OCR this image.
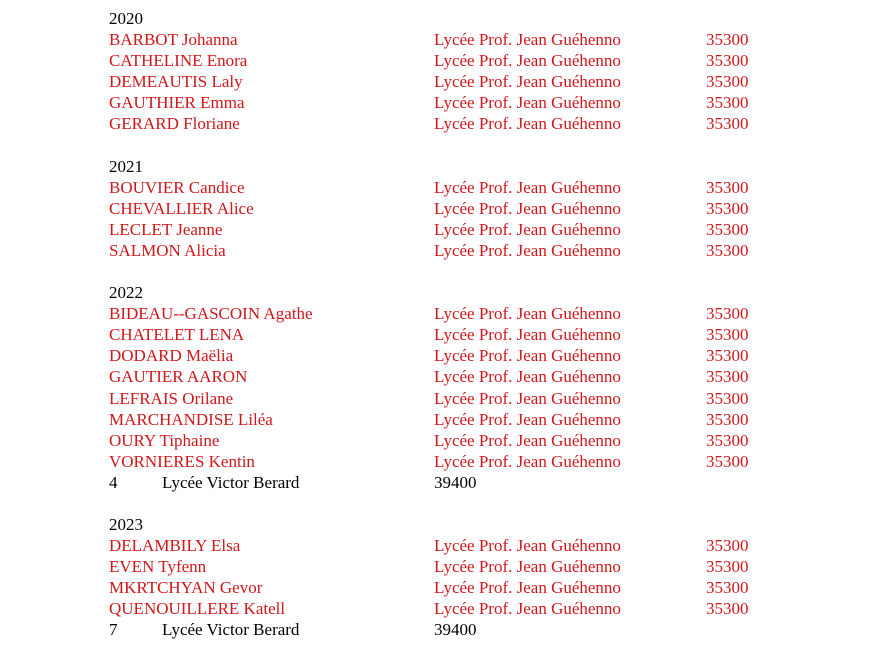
2020
BARBOT Johanna	Lycée Prof. Jean Guéhenno	35300
CATHELINE Enora	Lycée Prof. Jean Guéhenno	35300
DEMEAUTIS Laly	Lycée Prof. Jean Guéhenno	35300
GAUTHIER Emma	Lycée Prof. Jean Guéhenno	35300
GERARD Floriane	Lycée Prof. Jean Guéhenno	35300
2021
BOUVIER Candice	Lycée Prof. Jean Guéhenno	35300
CHEVALLIER Alice	Lycée Prof. Jean Guéhenno	35300
LECLET Jeanne	Lycée Prof. Jean Guéhenno	35300
SALMON Alicia	Lycée Prof. Jean Guéhenno	35300
2022
BIDEAU--GASCOIN Agathe	Lycée Prof. Jean Guéhenno	35300
CHATELET LENA	Lycée Prof. Jean Guéhenno	35300
DODARD Maëlia	Lycée Prof. Jean Guéhenno	35300
GAUTIER AARON	Lycée Prof. Jean Guéhenno	35300
LEFRAIS Orilane	Lycée Prof. Jean Guéhenno	35300
MARCHANDISE Liléa	Lycée Prof. Jean Guéhenno	35300
OURY Tiphaine	Lycée Prof. Jean Guéhenno	35300
VORNIERES Kentin	Lycée Prof. Jean Guéhenno	35300
4	Lycée Victor Berard	39400
2023
DELAMBILY Elsa	Lycée Prof. Jean Guéhenno	35300
EVEN Tyfenn	Lycée Prof. Jean Guéhenno	35300
MKRTCHYAN Gevor	Lycée Prof. Jean Guéhenno	35300
QUENOUILLERE Katell	Lycée Prof. Jean Guéhenno	35300
7	Lycée Victor Berard	39400
